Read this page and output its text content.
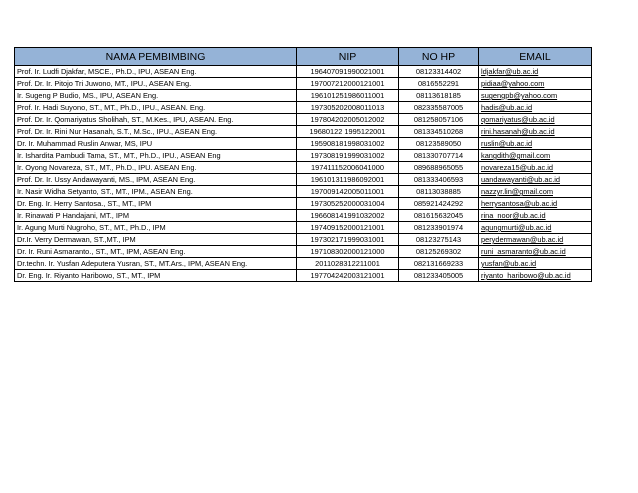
NAMA PEMBIMBING	NIP	NO HP	EMAIL
Prof. Ir. Ludfi Djakfar, MSCE., Ph.D., IPU, ASEAN Eng.	196407091990021001	08123314402	ldjakfar@ub.ac.id
Prof. Dr. Ir. Pitojo Tri Juwono, MT., IPU., ASEAN Eng.	197007212000121001	0816552291	pidiaa@yahoo.com
Ir. Sugeng P Budio, MS., IPU, ASEAN Eng.	196101251986011001	08113618185	sugengpb@yahoo.com
Prof. Ir. Hadi Suyono, ST., MT., Ph.D., IPU., ASEAN. Eng.	197305202008011013	082335587005	hadis@ub.ac.id
Prof. Dr. Ir. Qomariyatus Sholihah, ST., M.Kes., IPU, ASEAN. Eng.	197804202005012002	081258057106	qomariyatus@ub.ac.id
Prof. Dr. Ir. Rini Nur Hasanah, S.T., M.Sc., IPU., ASEAN Eng.	19680122 1995122001	081334510268	rini.hasanah@ub.ac.id
Dr. Ir. Muhammad Ruslin Anwar, MS, IPU	195908181998031002	08123589050	ruslin@ub.ac.id
Ir. Ishardita Pambudi Tama, ST., MT., Ph.D., IPU., ASEAN Eng	197308191999031002	081330707714	kangdith@gmail.com
Ir. Oyong Novareza, ST., MT., Ph.D., IPU. ASEAN Eng.	197411152006041000	089688965055	novareza15@ub.ac.id
Prof. Dr. Ir. Ussy Andawayanti, MS., IPM, ASEAN Eng.	196101311986092001	081333406593	uandawayanti@ub.ac.id
Ir. Nasir Widha Setyanto, ST., MT., IPM., ASEAN Eng.	197009142005011001	08113038885	nazzyr.lin@gmail.com
Dr. Eng. Ir. Herry Santosa., ST., MT., IPM	197305252000031004	085921424292	herrysantosa@ub.ac.id
Ir. Rinawati P Handajani, MT., IPM	196608141991032002	081615632045	rina_noor@ub.ac.id
Ir. Agung Murti Nugroho, ST., MT., Ph.D., IPM	197409152000121001	081233901974	agungmurti@ub.ac.id
Dr.Ir. Verry Dermawan, ST.,MT., IPM	197302171999031001	08123275143	perydermawan@ub.ac.id
Dr. Ir. Runi Asmaranto., ST., MT., IPM, ASEAN Eng.	197108302000121000	08125269302	runi_asmaranto@ub.ac.id
Dr.techn. Ir. Yusfan Adeputera Yusran, ST., MT.Ars., IPM, ASEAN Eng.	2011028312211001	082131669233	yusfan@ub.ac.id
Dr. Eng. Ir. Riyanto Haribowo, ST., MT., IPM	197704242003121001	081233405005	riyanto_haribowo@ub.ac.id
